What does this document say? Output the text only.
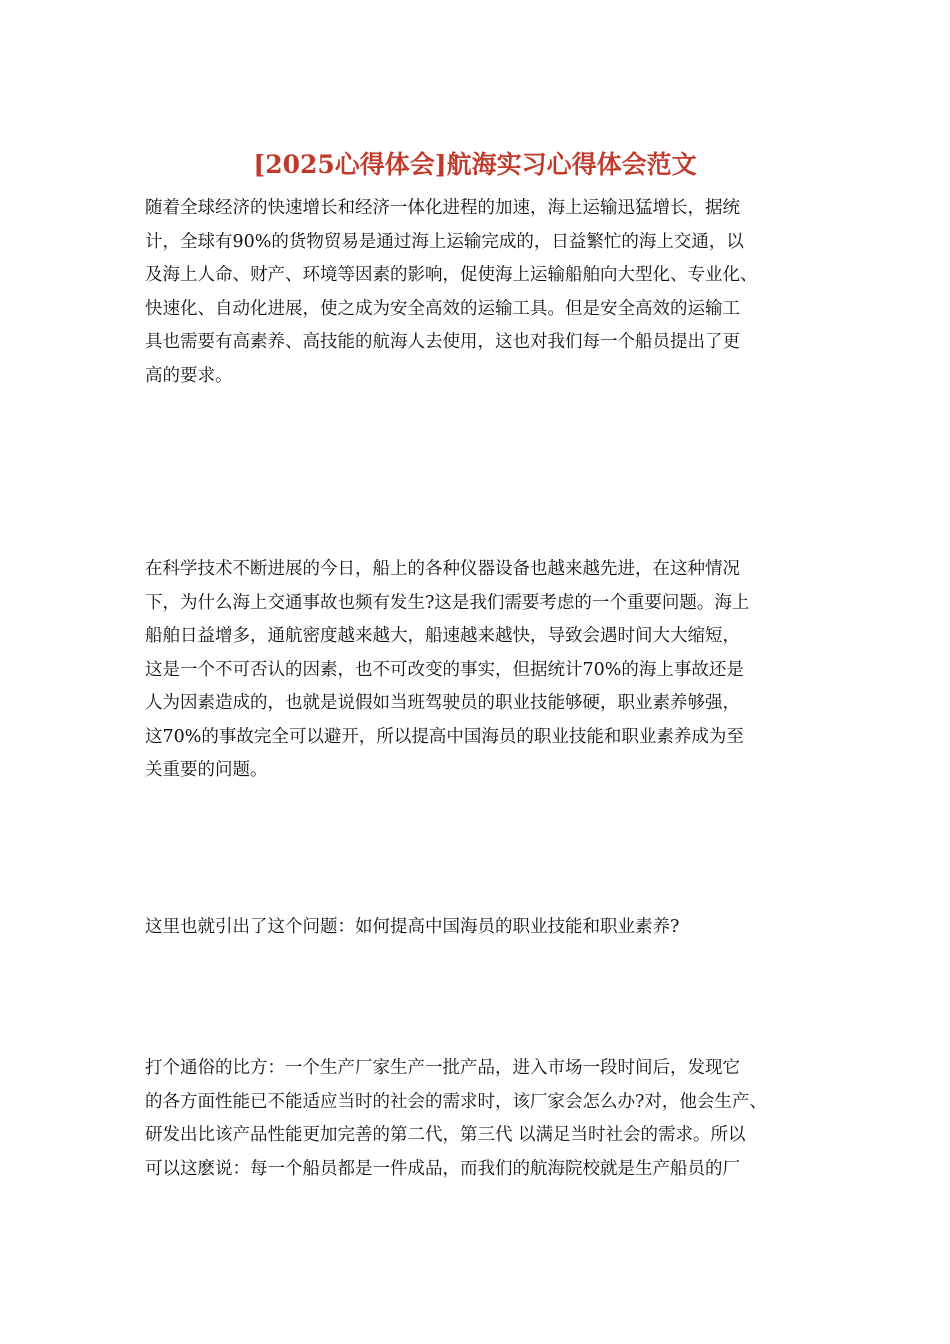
[2025心得体会]航海实习心得体会范文

随着全球经济的快速增长和经济一体化进程的加速，海上运输迅猛增长，据统
计，全球有90%的货物贸易是通过海上运输完成的，日益繁忙的海上交通，以
及海上人命、财产、环境等因素的影响，促使海上运输船舶向大型化、专业化、
快速化、自动化进展，使之成为安全高效的运输工具。但是安全高效的运输工
具也需要有高素养、高技能的航海人去使用，这也对我们每一个船员提出了更
高的要求。

在科学技术不断进展的今日，船上的各种仪器设备也越来越先进，在这种情况
下，为什么海上交通事故也频有发生?这是我们需要考虑的一个重要问题。海上
船舶日益增多，通航密度越来越大，船速越来越快，导致会遇时间大大缩短，
这是一个不可否认的因素，也不可改变的事实，但据统计70%的海上事故还是
人为因素造成的，也就是说假如当班驾驶员的职业技能够硬，职业素养够强，
这70%的事故完全可以避开，所以提高中国海员的职业技能和职业素养成为至
关重要的问题。

这里也就引出了这个问题：如何提高中国海员的职业技能和职业素养?

打个通俗的比方：一个生产厂家生产一批产品，进入市场一段时间后，发现它
的各方面性能已不能适应当时的社会的需求时，该厂家会怎么办?对，他会生产、
研发出比该产品性能更加完善的第二代，第三代 以满足当时社会的需求。所以
可以这麽说：每一个船员都是一件成品，而我们的航海院校就是生产船员的厂
